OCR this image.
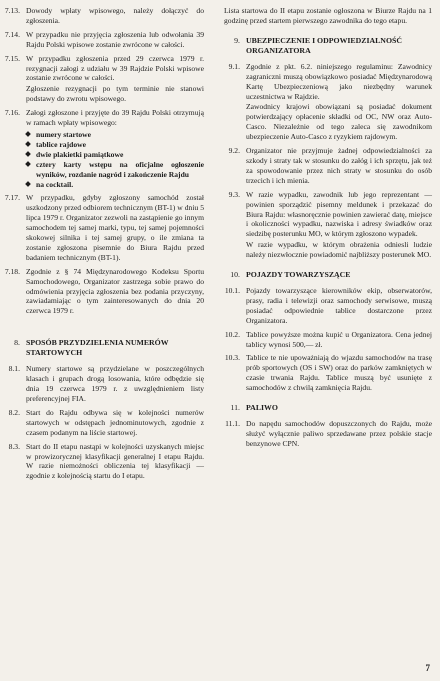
7.13. Dowody wpłaty wpisowego, należy dołączyć do zgłoszenia.

7.14. W przypadku nie przyjęcia zgłoszenia lub odwołania 39 Rajdu Polski wpisowe zostanie zwrócone w całości.

7.15. W przypadku zgłoszenia przed 29 czerwca 1979 r. rezygnacji załogi z udziału w 39 Rajdzie Polski wpisowe zostanie zwrócone w całości.

Zgłoszenie rezygnacji po tym terminie nie stanowi podstawy do zwrotu wpisowego.

7.16. Załogi zgłoszone i przyjęte do 39 Rajdu Polski otrzymują w ramach wpłaty wpisowego:

numery startowe
tablice rajdowe
dwie plakietki pamiątkowe
cztery karty wstępu na oficjalne ogłoszenie wyników, rozdanie nagród i zakończenie Rajdu
na cocktail.
7.17. W przypadku, gdyby zgłoszony samochód został uszkodzony przed odbiorem technicznym (BT-1) w dniu 5 lipca 1979 r. Organizator zezwoli na zastąpienie go innym samochodem tej samej marki, typu, tej samej pojemności skokowej silnika i tej samej grupy, o ile zmiana ta zostanie zgłoszona pisemnie do Biura Rajdu przed badaniem technicznym (BT-1).

7.18. Zgodnie z § 74 Międzynarodowego Kodeksu Sportu Samochodowego, Organizator zastrzega sobie prawo do odmówienia przyjęcia zgłoszenia bez podania przyczyny, zawiadamiając o tym zainteresowanych do dnia 20 czerwca 1979 r.

8. SPOSÓB PRZYDZIELENIA NUMERÓW STARTOWYCH
8.1. Numery startowe są przydzielane w poszczególnych klasach i grupach drogą losowania, które odbędzie się dnia 19 czerwca 1979 r. z uwzględnieniem listy preferencyjnej FIA.

8.2. Start do Rajdu odbywa się w kolejności numerów startowych w odstępach jednominutowych, zgodnie z czasem podanym na liście startowej.

8.3. Start do II etapu nastąpi w kolejności uzyskanych miejsc w prowizorycznej klasyfikacji generalnej I etapu Rajdu. W razie niemożności obliczenia tej klasyfikacji — zgodnie z kolejnością startu do I etapu.

Lista startowa do II etapu zostanie ogłoszona w Biurze Rajdu na 1 godzinę przed startem pierwszego zawodnika do tego etapu.

9. UBEZPIECZENIE I ODPOWIEDZIALNOŚĆ ORGANIZATORA
9.1. Zgodnie z pkt. 6.2. niniejszego regulaminu: Zawodnicy zagraniczni muszą obowiązkowo posiadać Międzynarodową Kartę Ubezpieczeniową jako niezbędny warunek uczestnictwa w Rajdzie.

Zawodnicy krajowi obowiązani są posiadać dokument potwierdzający opłacenie składki od OC, NW oraz Auto-Casco. Niezależnie od tego zaleca się zawodnikom ubezpieczenie Auto-Casco z ryzykiem rajdowym.

9.2. Organizator nie przyjmuje żadnej odpowiedzialności za szkody i straty tak w stosunku do załóg i ich sprzętu, jak też za spowodowanie przez nich straty w stosunku do osób trzecich i ich mienia.

9.3. W razie wypadku, zawodnik lub jego reprezentant — powinien sporządzić pisemny meldunek i przekazać do Biura Rajdu: własnoręcznie powinien zawierać datę, miejsce i okoliczności wypadku, nazwiska i adresy świadków oraz siedzibę posterunku MO, w którym zgłoszono wypadek.

W razie wypadku, w którym obrażenia odniesli ludzie należy niezwłocznie powiadomić najbliższy posterunek MO.

10. POJAZDY TOWARZYSZĄCE
10.1. Pojazdy towarzyszące kierowników ekip, obserwatorów, prasy, radia i telewizji oraz samochody serwisowe, muszą posiadać odpowiednie tablice dostarczone przez Organizatora.

10.2. Tablice powyższe można kupić u Organizatora. Cena jednej tablicy wynosi 500,— zł.

10.3. Tablice te nie upoważniają do wjazdu samochodów na trasę prób sportowych (OS i SW) oraz do parków zamkniętych w czasie trwania Rajdu. Tablice muszą być usunięte z samochodów z chwilą zamknięcia Rajdu.

11. PALIWO
11.1. Do napędu samochodów dopuszczonych do Rajdu, może służyć wyłącznie paliwo sprzedawane przez polskie stacje benzynowe CPN.

7
